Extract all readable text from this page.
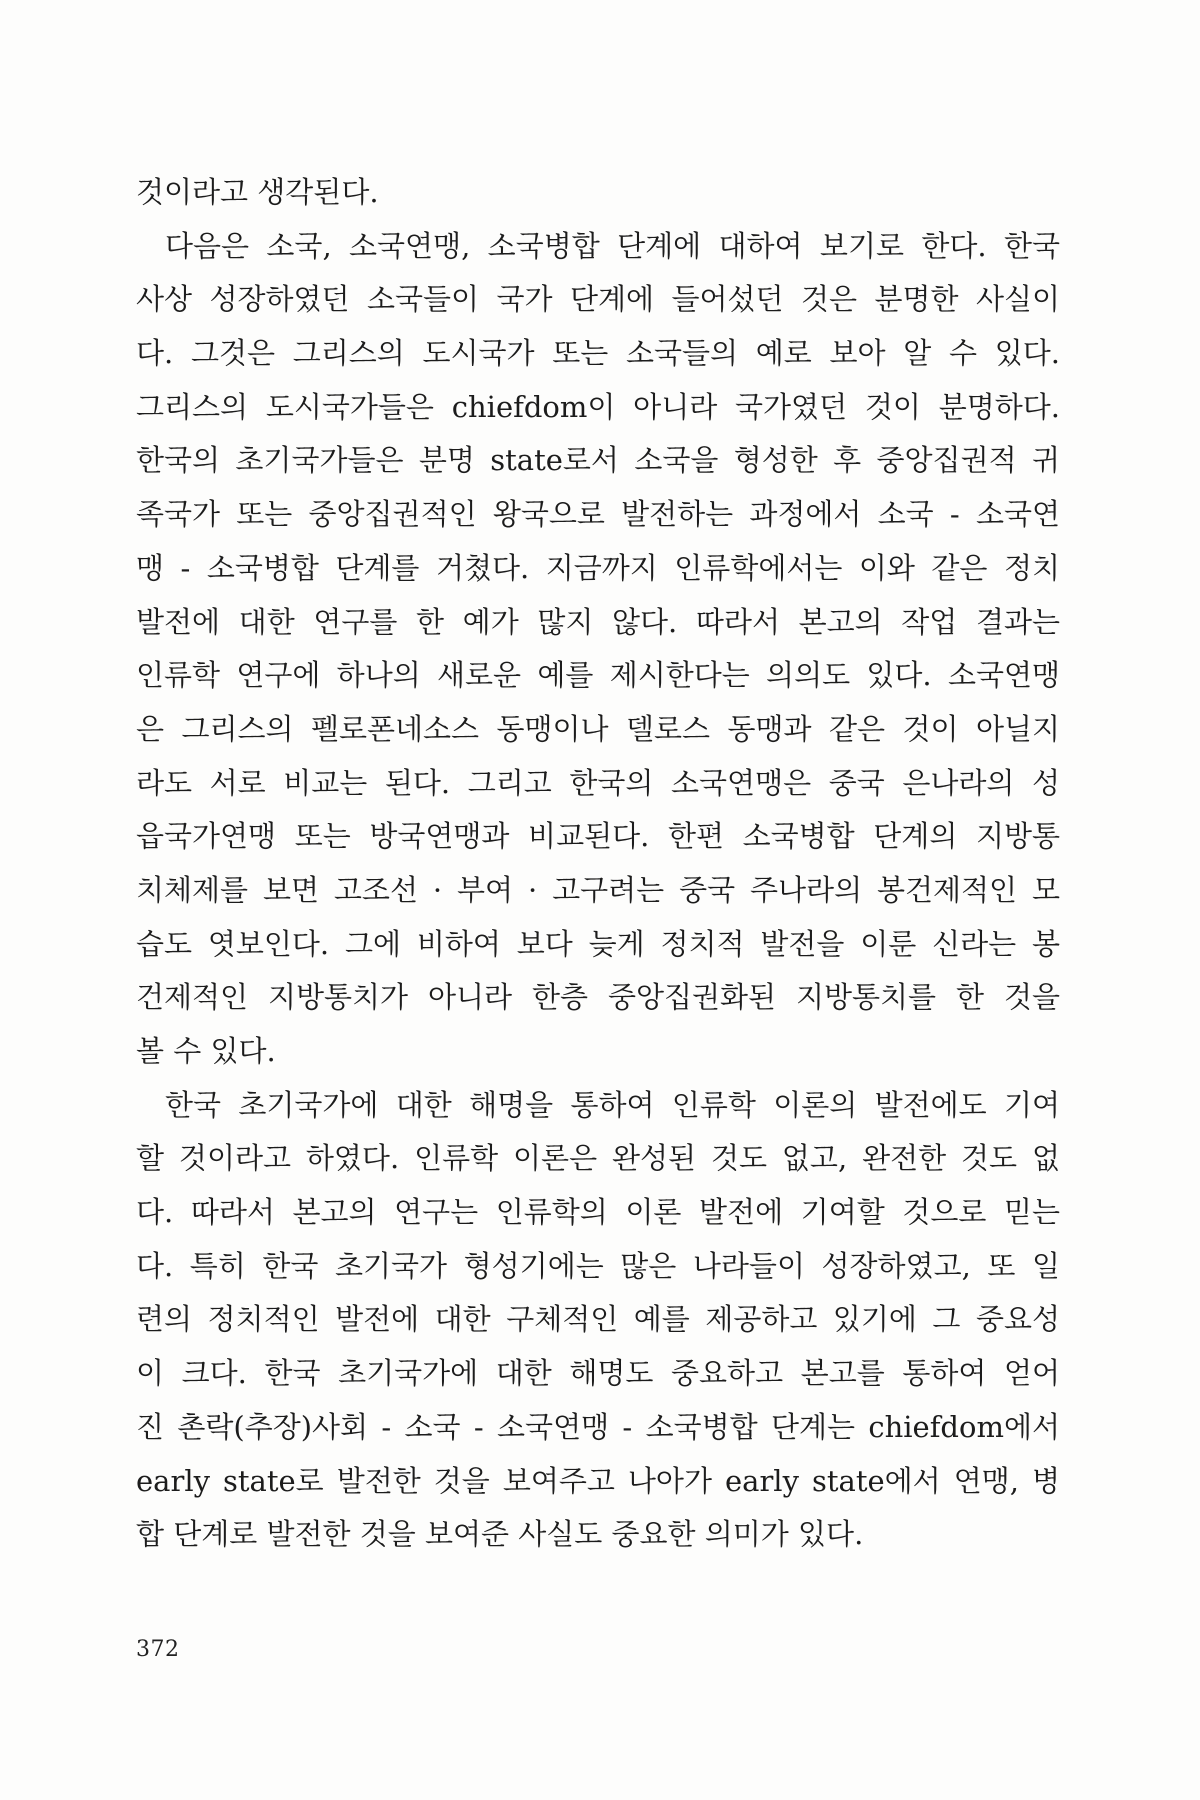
것이라고 생각된다.
다음은 소국, 소국연맹, 소국병합 단계에 대하여 보기로 한다. 한국
사상 성장하였던 소국들이 국가 단계에 들어섰던 것은 분명한 사실이
다. 그것은 그리스의 도시국가 또는 소국들의 예로 보아 알 수 있다.
그리스의 도시국가들은 chiefdom이 아니라 국가였던 것이 분명하다.
한국의 초기국가들은 분명 state로서 소국을 형성한 후 중앙집권적 귀
족국가 또는 중앙집권적인 왕국으로 발전하는 과정에서 소국 - 소국연
맹 - 소국병합 단계를 거쳤다. 지금까지 인류학에서는 이와 같은 정치
발전에 대한 연구를 한 예가 많지 않다. 따라서 본고의 작업 결과는
인류학 연구에 하나의 새로운 예를 제시한다는 의의도 있다. 소국연맹
은 그리스의 펠로폰네소스 동맹이나 델로스 동맹과 같은 것이 아닐지
라도 서로 비교는 된다. 그리고 한국의 소국연맹은 중국 은나라의 성
읍국가연맹 또는 방국연맹과 비교된다. 한편 소국병합 단계의 지방통
치체제를 보면 고조선 · 부여 · 고구려는 중국 주나라의 봉건제적인 모
습도 엿보인다. 그에 비하여 보다 늦게 정치적 발전을 이룬 신라는 봉
건제적인 지방통치가 아니라 한층 중앙집권화된 지방통치를 한 것을
볼 수 있다.
한국 초기국가에 대한 해명을 통하여 인류학 이론의 발전에도 기여
할 것이라고 하였다. 인류학 이론은 완성된 것도 없고, 완전한 것도 없
다. 따라서 본고의 연구는 인류학의 이론 발전에 기여할 것으로 믿는
다. 특히 한국 초기국가 형성기에는 많은 나라들이 성장하였고, 또 일
련의 정치적인 발전에 대한 구체적인 예를 제공하고 있기에 그 중요성
이 크다. 한국 초기국가에 대한 해명도 중요하고 본고를 통하여 얻어
진 촌락(추장)사회 - 소국 - 소국연맹 - 소국병합 단계는 chiefdom에서
early state로 발전한 것을 보여주고 나아가 early state에서 연맹, 병
합 단계로 발전한 것을 보여준 사실도 중요한 의미가 있다.
372
